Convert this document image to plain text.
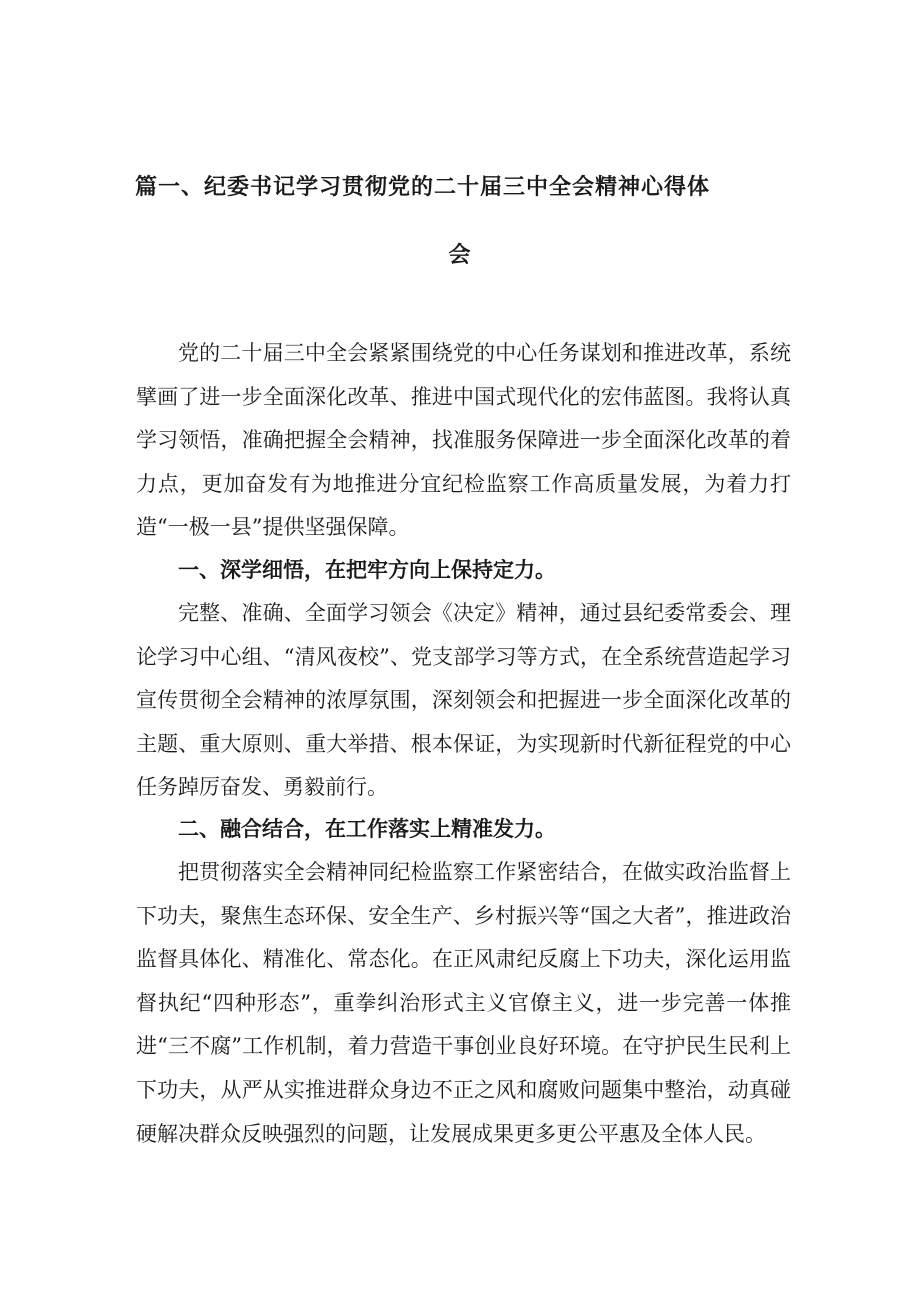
篇一、纪委书记学习贯彻党的二十届三中全会精神心得体
会

党的二十届三中全会紧紧围绕党的中心任务谋划和推进改革，系统擘画了进一步全面深化改革、推进中国式现代化的宏伟蓝图。我将认真学习领悟，准确把握全会精神，找准服务保障进一步全面深化改革的着力点，更加奋发有为地推进分宜纪检监察工作高质量发展，为着力打造“一极一县”提供坚强保障。

一、深学细悟，在把牢方向上保持定力。

完整、准确、全面学习领会《决定》精神，通过县纪委常委会、理论学习中心组、“清风夜校”、党支部学习等方式，在全系统营造起学习宣传贯彻全会精神的浓厚氛围，深刻领会和把握进一步全面深化改革的主题、重大原则、重大举措、根本保证，为实现新时代新征程党的中心任务踔厉奋发、勇毅前行。

二、融合结合，在工作落实上精准发力。

把贯彻落实全会精神同纪检监察工作紧密结合，在做实政治监督上下功夫，聚焦生态环保、安全生产、乡村振兴等“国之大者”，推进政治监督具体化、精准化、常态化。在正风肃纪反腐上下功夫，深化运用监督执纪“四种形态”，重拳纠治形式主义官僚主义，进一步完善一体推进“三不腐”工作机制，着力营造干事创业良好环境。在守护民生民利上下功夫，从严从实推进群众身边不正之风和腐败问题集中整治，动真碰硬解决群众反映强烈的问题，让发展成果更多更公平惠及全体人民。
